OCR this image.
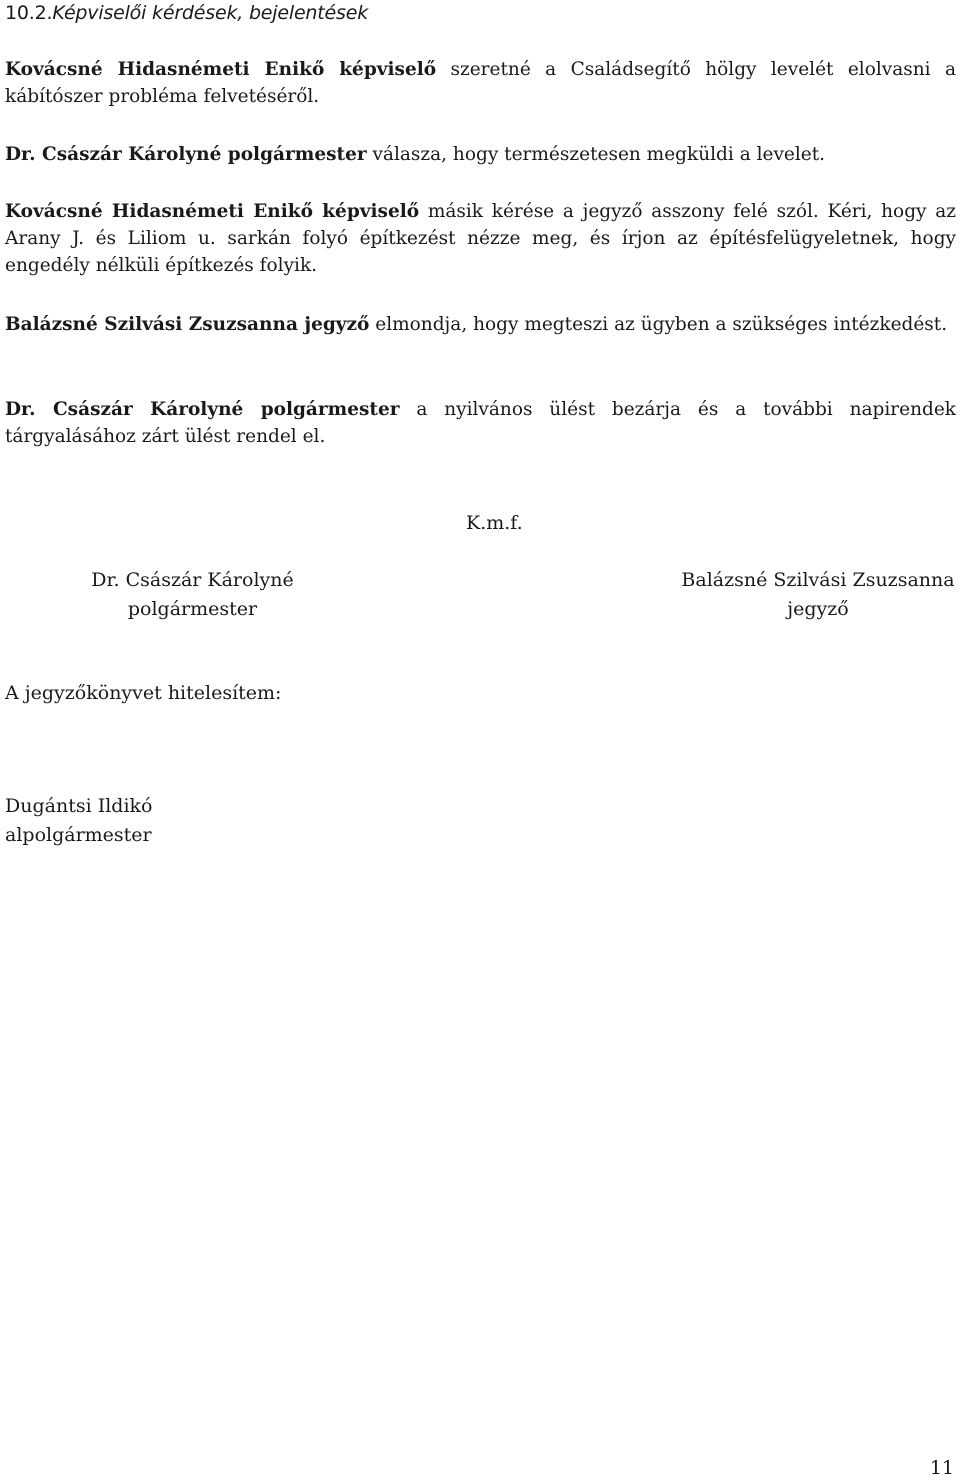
10.2.Képviselői kérdések, bejelentések

Kovácsné Hidasnémeti Enikő képviselő szeretné a Családsegítő hölgy levelét elolvasni a kábítószer probléma felvetéséről.

Dr. Császár Károlyné polgármester válasza, hogy természetesen megküldi a levelet.

Kovácsné Hidasnémeti Enikő képviselő másik kérése a jegyző asszony felé szól. Kéri, hogy az Arany J. és Liliom u. sarkán folyó építkezést nézze meg, és írjon az építésfelügyeletnek, hogy engedély nélküli építkezés folyik.

Balázsné Szilvási Zsuzsanna jegyző elmondja, hogy megteszi az ügyben a szükséges intézkedést.

Dr. Császár Károlyné polgármester a nyilvános ülést bezárja és a további napirendek tárgyalásához zárt ülést rendel el.

K.m.f.
Dr. Császár Károlyné
polgármester
Balázsné Szilvási Zsuzsanna
jegyző
A jegyzőkönyvet hitelesítem:
Dugántsi Ildikó
alpolgármester
11
